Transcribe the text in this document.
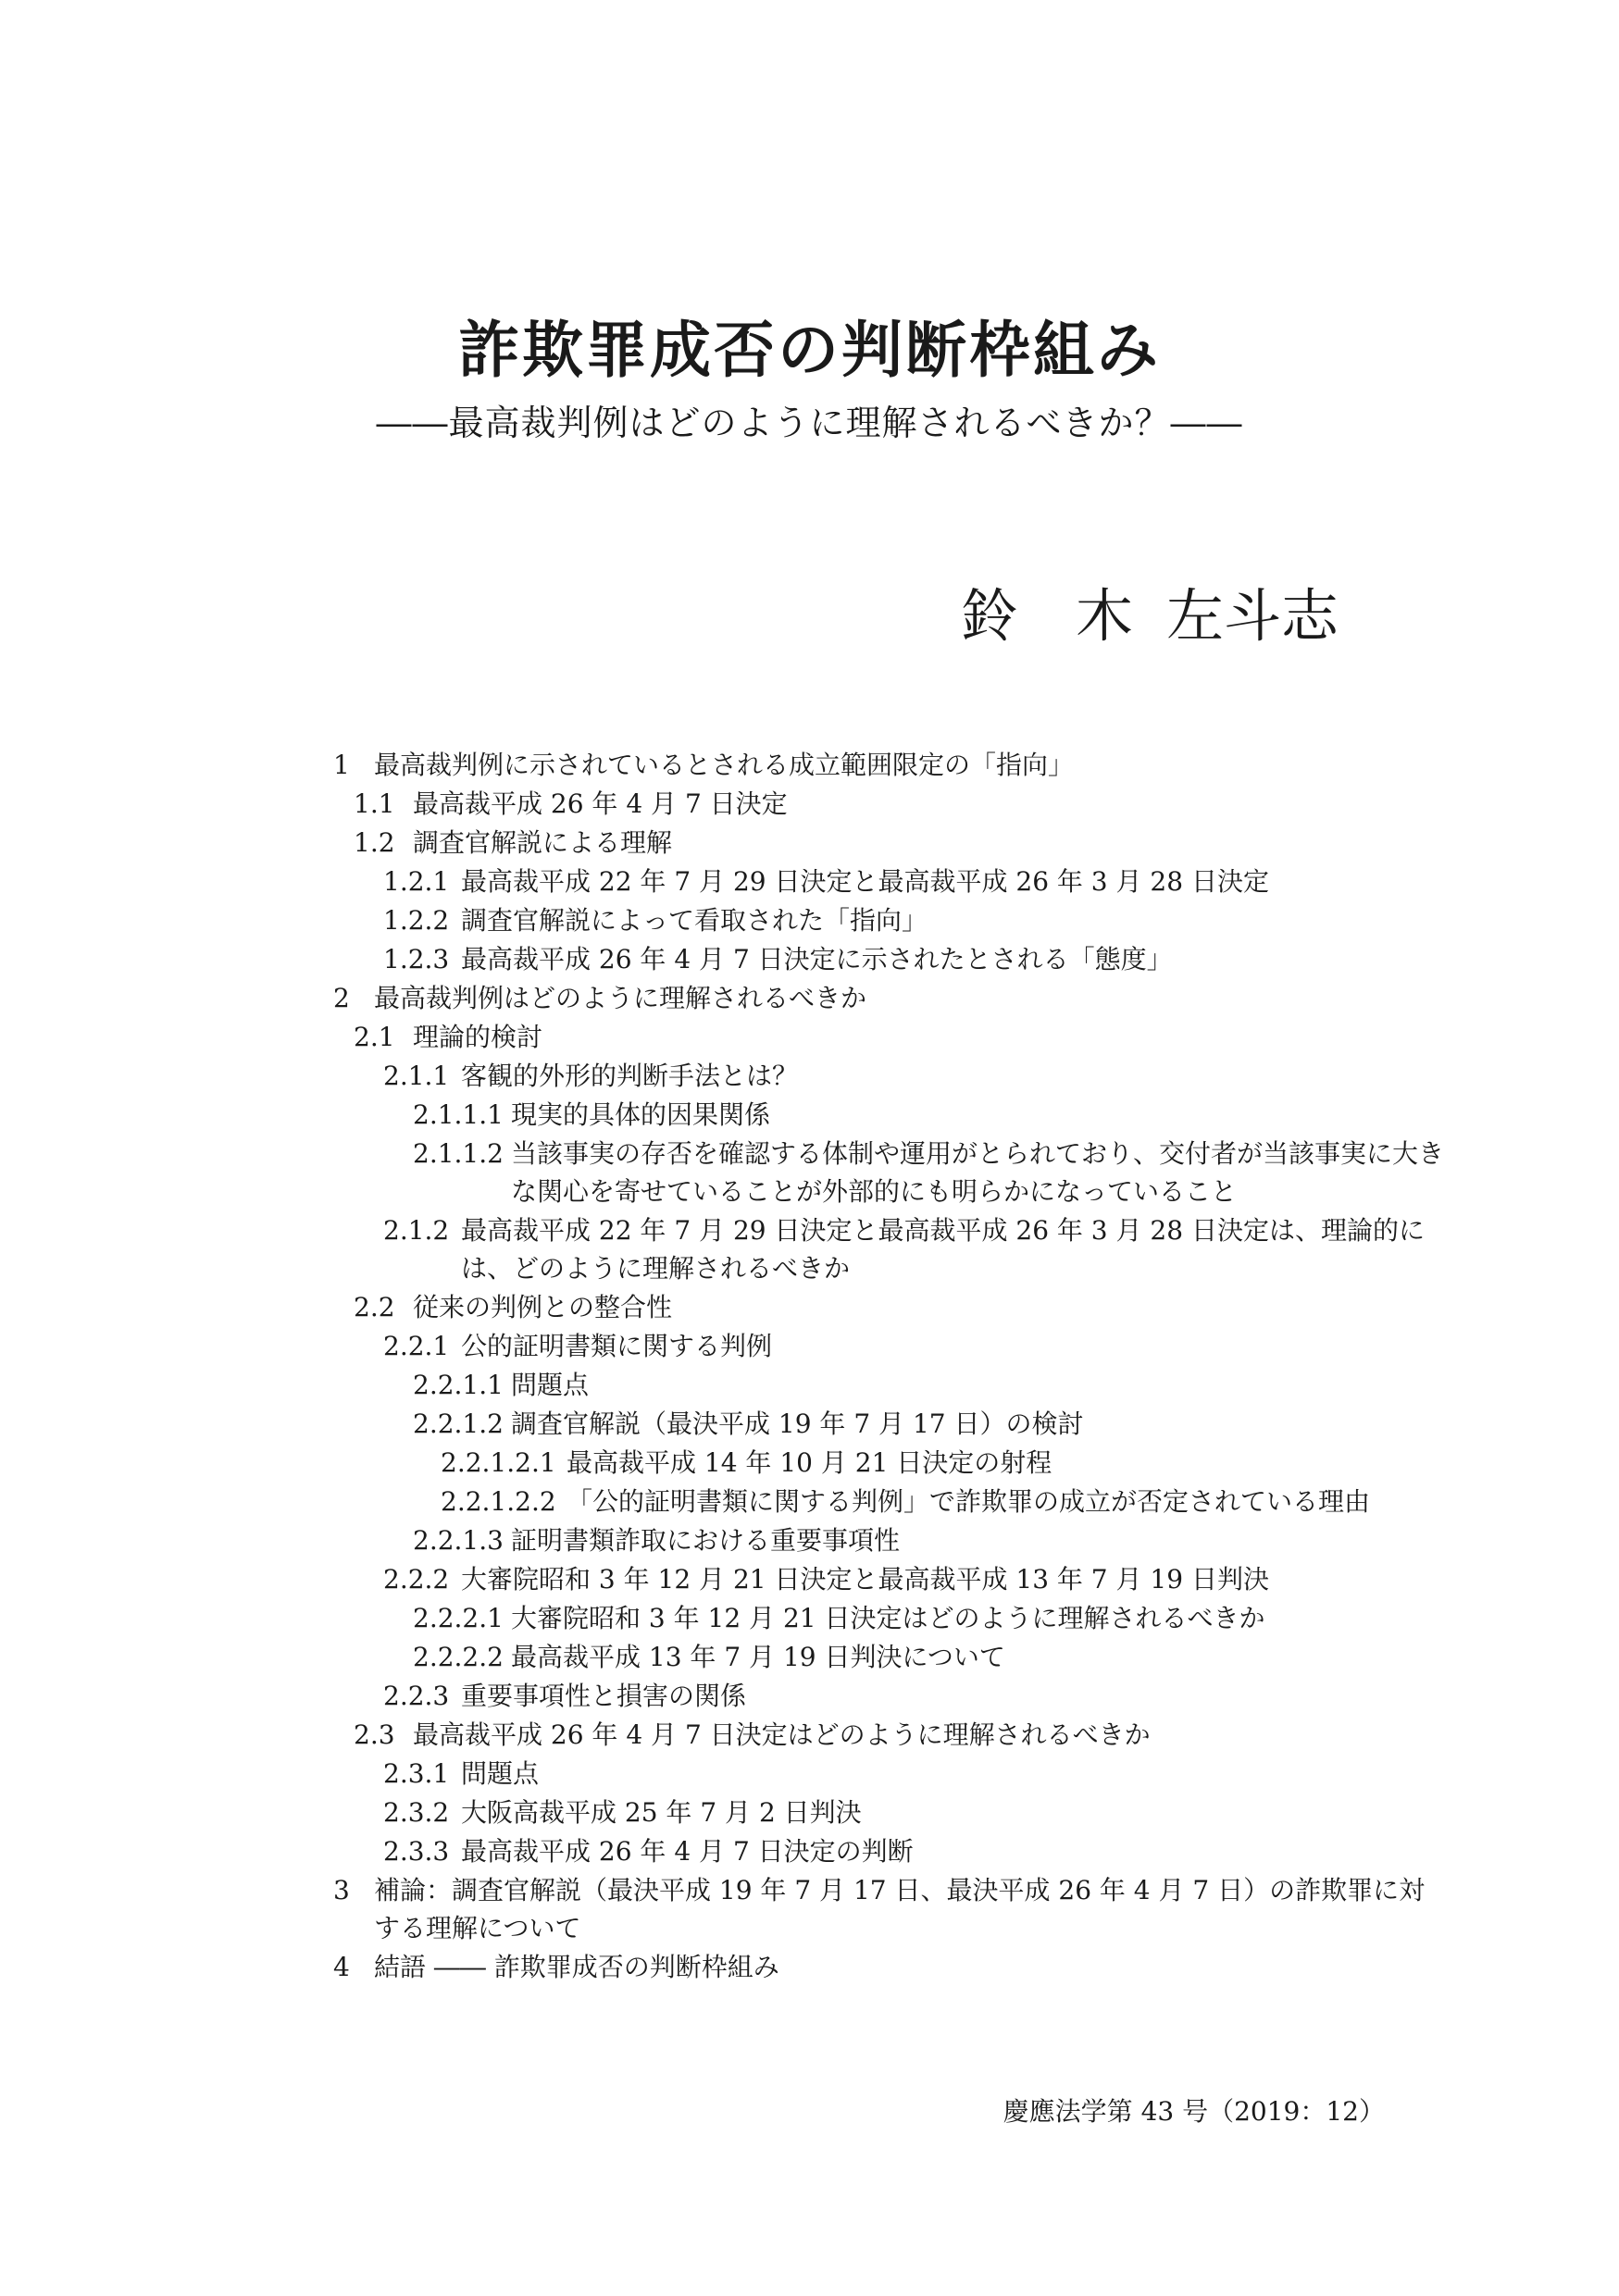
詐欺罪成否の判断枠組み
――最高裁判例はどのように理解されるべきか？――
鈴　木 左斗志
1 最高裁判例に示されているとされる成立範囲限定の「指向」
1.1 最高裁平成 26 年 4 月 7 日決定
1.2 調査官解説による理解
1.2.1 最高裁平成 22 年 7 月 29 日決定と最高裁平成 26 年 3 月 28 日決定
1.2.2 調査官解説によって看取された「指向」
1.2.3 最高裁平成 26 年 4 月 7 日決定に示されたとされる「態度」
2 最高裁判例はどのように理解されるべきか
2.1 理論的検討
2.1.1 客観的外形的判断手法とは？
2.1.1.1 現実的具体的因果関係
2.1.1.2 当該事実の存否を確認する体制や運用がとられており、交付者が当該事実に大きな関心を寄せていることが外部的にも明らかになっていること
2.1.2 最高裁平成 22 年 7 月 29 日決定と最高裁平成 26 年 3 月 28 日決定は、理論的には、どのように理解されるべきか
2.2 従来の判例との整合性
2.2.1 公的証明書類に関する判例
2.2.1.1 問題点
2.2.1.2 調査官解説（最決平成 19 年 7 月 17 日）の検討
2.2.1.2.1 最高裁平成 14 年 10 月 21 日決定の射程
2.2.1.2.2 「公的証明書類に関する判例」で詐欺罪の成立が否定されている理由
2.2.1.3 証明書類詐取における重要事項性
2.2.2 大審院昭和 3 年 12 月 21 日決定と最高裁平成 13 年 7 月 19 日判決
2.2.2.1 大審院昭和 3 年 12 月 21 日決定はどのように理解されるべきか
2.2.2.2 最高裁平成 13 年 7 月 19 日判決について
2.2.3 重要事項性と損害の関係
2.3 最高裁平成 26 年 4 月 7 日決定はどのように理解されるべきか
2.3.1 問題点
2.3.2 大阪高裁平成 25 年 7 月 2 日判決
2.3.3 最高裁平成 26 年 4 月 7 日決定の判断
3 補論：調査官解説（最決平成 19 年 7 月 17 日、最決平成 26 年 4 月 7 日）の詐欺罪に対する理解について
4 結語 ―― 詐欺罪成否の判断枠組み
慶應法学第 43 号（2019：12）
